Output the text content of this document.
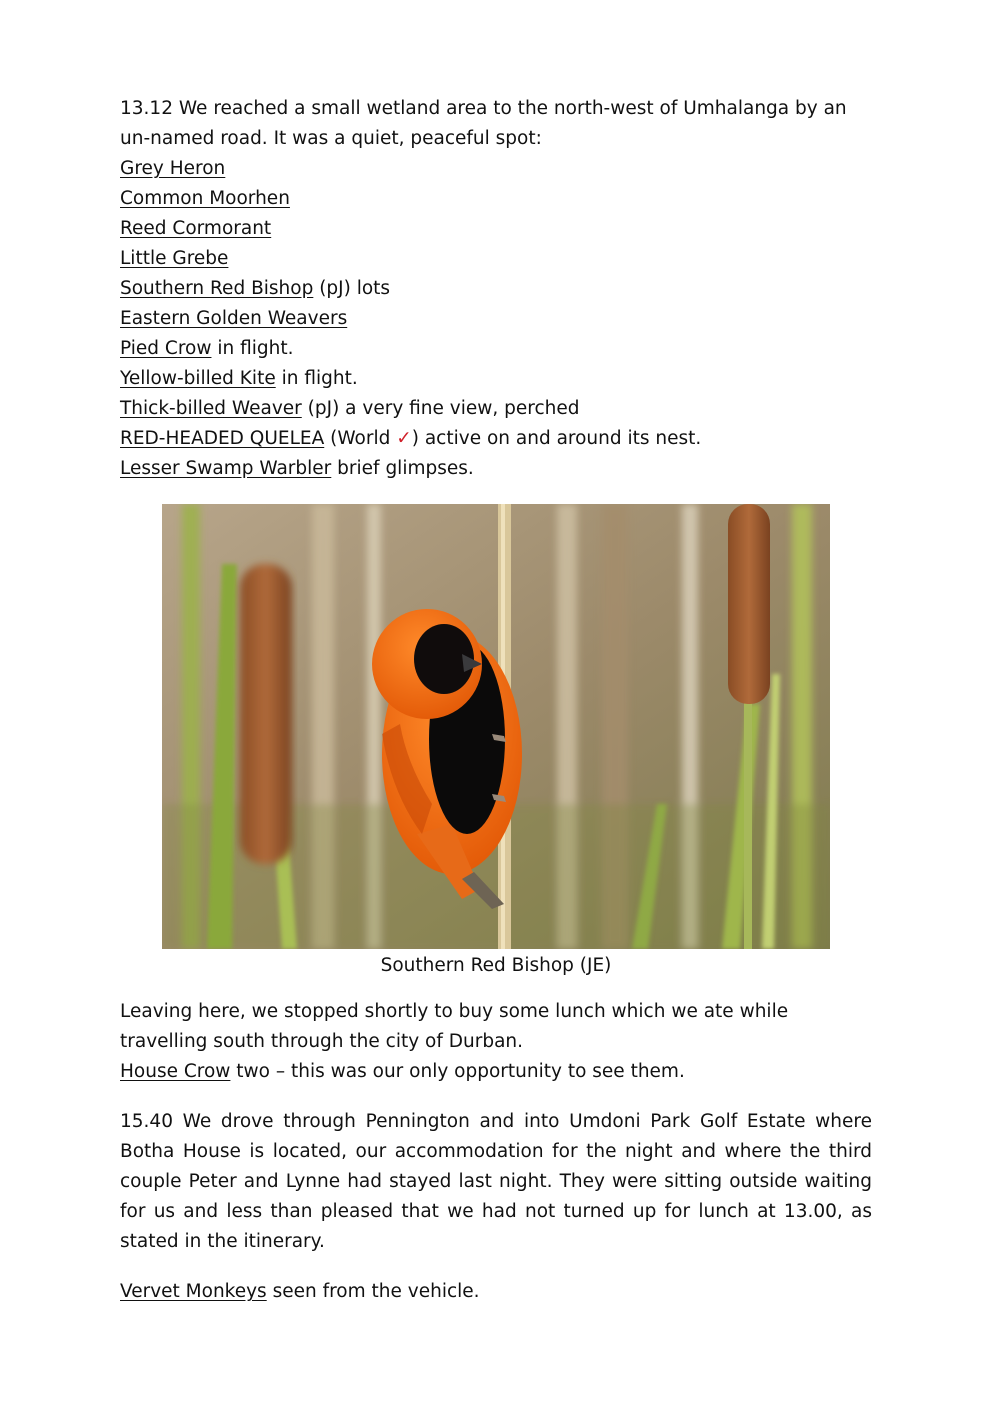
13.12 We reached a small wetland area to the north-west of Umhalanga by an un-named road. It was a quiet, peaceful spot:

Grey Heron
Common Moorhen
Reed Cormorant
Little Grebe
Southern Red Bishop (pJ) lots
Eastern Golden Weavers
Pied Crow in flight.
Yellow-billed Kite in flight.
Thick-billed Weaver (pJ) a very fine view, perched
RED-HEADED QUELEA (World ✓) active on and around its nest.
Lesser Swamp Warbler brief glimpses.

Southern Red Bishop (JE)

Leaving here, we stopped shortly to buy some lunch which we ate while travelling south through the city of Durban.

House Crow two – this was our only opportunity to see them.

15.40 We drove through Pennington and into Umdoni Park Golf Estate where Botha House is located, our accommodation for the night and where the third couple Peter and Lynne had stayed last night. They were sitting outside waiting for us and less than pleased that we had not turned up for lunch at 13.00, as stated in the itinerary.

Vervet Monkeys seen from the vehicle.
